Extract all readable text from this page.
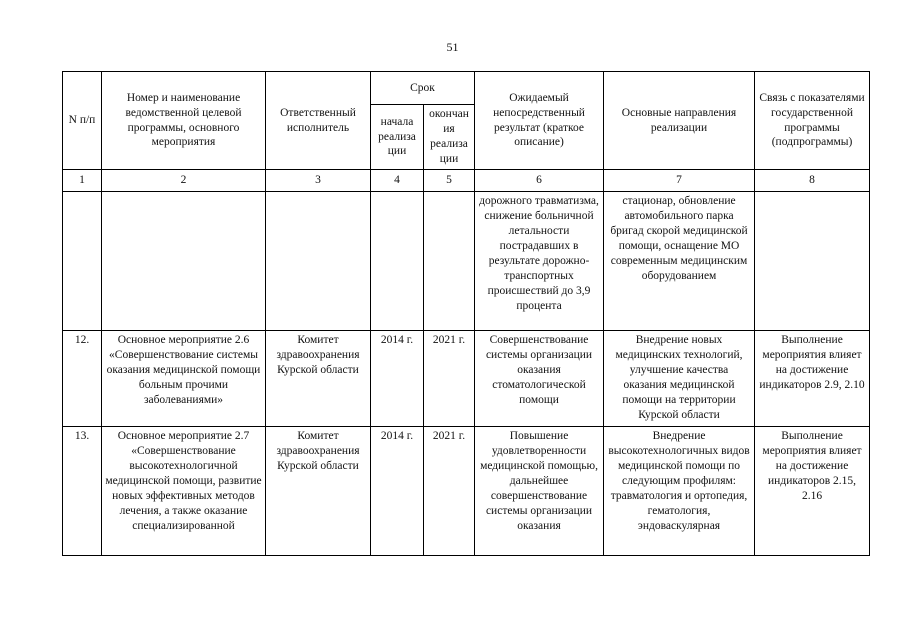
51
N п/п	Номер и наименование ведомственной целевой программы, основного мероприятия	Ответственный исполнитель	Срок		Ожидаемый непосредственный результат (краткое описание)	Основные направления реализации	Связь с показателями государственной программы (подпрограммы)
			начала реализа ции	окончан ия реализа ции			
1	2	3	4	5	6	7	8
					дорожного травматизма, снижение больничной летальности пострадавших в результате дорожно-транспортных происшествий до 3,9 процента	стационар, обновление автомобильного парка бригад скорой медицинской помощи, оснащение МО современным медицинским оборудованием	
12.	Основное мероприятие 2.6 «Совершенствование системы оказания медицинской помощи больным прочими заболеваниями»	Комитет здравоохранения Курской области	2014 г.	2021 г.	Совершенствование системы организации оказания стоматологической помощи	Внедрение новых медицинских технологий, улучшение качества оказания медицинской помощи на территории Курской области	Выполнение мероприятия влияет на достижение индикаторов 2.9, 2.10
13.	Основное мероприятие 2.7 «Совершенствование высокотехнологичной медицинской помощи, развитие новых эффективных методов лечения, а также оказание специализированной	Комитет здравоохранения Курской области	2014 г.	2021 г.	Повышение удовлетворенности медицинской помощью, дальнейшее совершенствование системы организации оказания	Внедрение высокотехнологичных видов медицинской помощи по следующим профилям: травматология и ортопедия, гематология, эндоваскулярная	Выполнение мероприятия влияет на достижение индикаторов 2.15, 2.16
